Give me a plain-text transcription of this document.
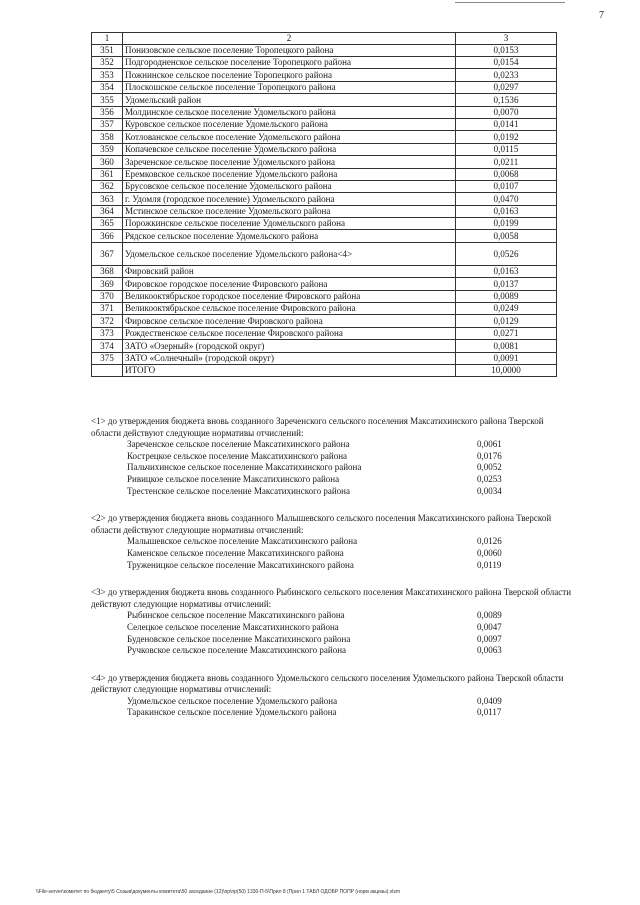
7
1	2	3
351	Понизовское сельское поселение Торопецкого района	0,0153
352	Подгородненское сельское поселение Торопецкого района	0,0154
353	Пожнинское сельское поселение Торопецкого района	0,0233
354	Плоскошское сельское поселение Торопецкого района	0,0297
355	Удомельский район	0,1536
356	Молдинское сельское поселение Удомельского района	0,0070
357	Куровское сельское поселение Удомельского района	0,0141
358	Котлованское сельское поселение Удомельского района	0,0192
359	Копачевское сельское поселение Удомельского района	0,0115
360	Зареченское сельское поселение Удомельского района	0,0211
361	Еремковское сельское поселение Удомельского района	0,0068
362	Брусовское сельское поселение Удомельского района	0,0107
363	г. Удомля (городское поселение) Удомельского района	0,0470
364	Мстинское сельское поселение Удомельского района	0,0163
365	Порожкинское сельское поселение Удомельского района	0,0199
366	Рядское сельское поселение Удомельского района	0,0058
367	Удомельское сельское поселение Удомельского района<4>	0,0526
368	Фировский район	0,0163
369	Фировское городское поселение Фировского района	0,0137
370	Великооктябрьское городское поселение Фировского района	0,0089
371	Великооктябрьское сельское поселение Фировского района	0,0249
372	Фировское сельское поселение Фировского района	0,0129
373	Рождественское сельское поселение Фировского района	0,0271
374	ЗАТО «Озерный» (городской округ)	0,0081
375	ЗАТО «Солнечный» (городской округ)	0,0091
	ИТОГО	10,0000
<1> до утверждения бюджета вновь созданного Зареченского сельского поселения Максатихинского района Тверской области действуют следующие нормативы отчислений:
Зареченское сельское поселение Максатихинского района	0,0061
Кострецкое сельское поселение Максатихинского района	0,0176
Пальчихинское сельское поселение Максатихинского района	0,0052
Ривицкое сельское поселение Максатихинского района	0,0253
Трестенское сельское поселение Максатихинского района	0,0034
<2> до утверждения бюджета вновь созданного Малышевского сельского поселения Максатихинского района Тверской области действуют следующие нормативы отчислений:
Малышевское сельское поселение Максатихинского района	0,0126
Каменское сельское поселение Максатихинского района	0,0060
Труженицкое сельское поселение Максатихинского района	0,0119
<3> до утверждения бюджета вновь созданного Рыбинского сельского поселения Максатихинского района Тверской области действуют следующие нормативы отчислений:
Рыбинское сельское поселение Максатихинского района	0,0089
Селецкое сельское поселение Максатихинского района	0,0047
Буденовское сельское поселение Максатихинского района	0,0097
Ручковское сельское поселение Максатихинского района	0,0063
<4> до утверждения бюджета вновь созданного Удомельского сельского поселения Удомельского района Тверской области действуют следующие нормативы отчислений:
Удомельское сельское поселение Удомельского района	0,0409
Таракинское сельское поселение Удомельского района	0,0117
\\File-server\комитет по бюджету\5 Созыв\документы комитета\50 заседание (12)\пр\пр(50) 1330-П-5\Прил 8 (Прил 1 ТАБЛ ОДОБР ПОПР (норм акцизы).xlsm
